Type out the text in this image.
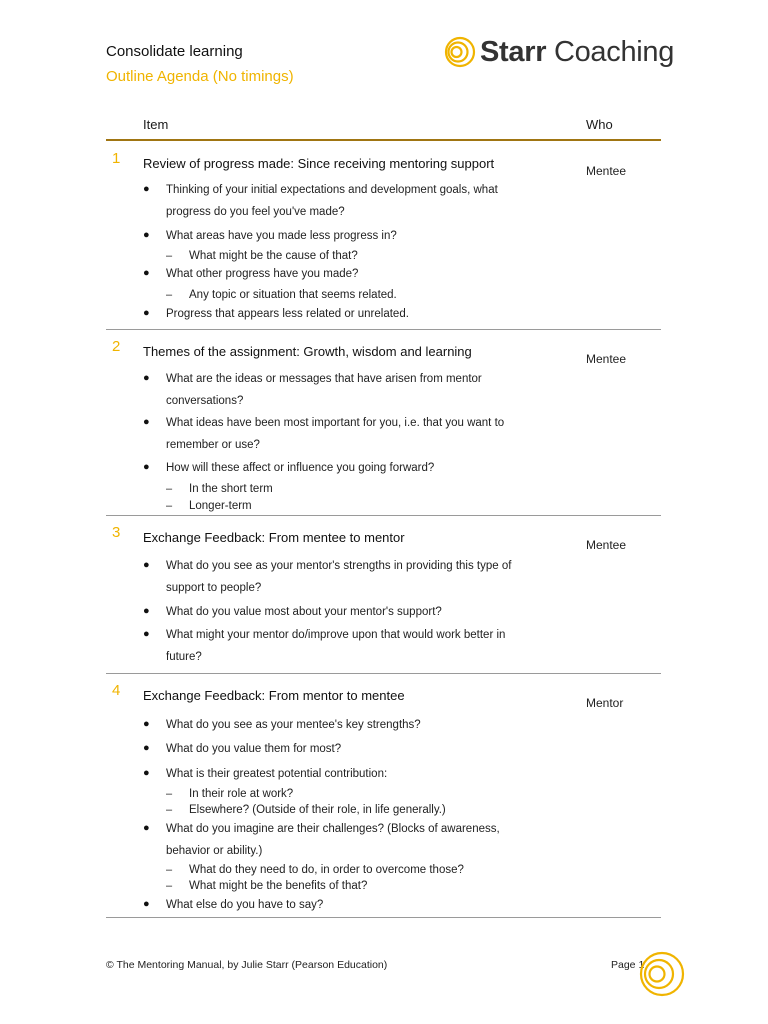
Consolidate learning
Outline Agenda (No timings)
Starr Coaching
Item	Who
1 Review of progress made: Since receiving mentoring support	Mentee
● Thinking of your initial expectations and development goals, what
progress do you feel you've made?
● What areas have you made less progress in?
– What might be the cause of that?
● What other progress have you made?
– Any topic or situation that seems related.
● Progress that appears less related or unrelated.
2 Themes of the assignment: Growth, wisdom and learning	Mentee
● What are the ideas or messages that have arisen from mentor
conversations?
● What ideas have been most important for you, i.e. that you want to
remember or use?
● How will these affect or influence you going forward?
– In the short term
– Longer-term
3 Exchange Feedback: From mentee to mentor	Mentee
● What do you see as your mentor's strengths in providing this type of
support to people?
● What do you value most about your mentor's support?
● What might your mentor do/improve upon that would work better in
future?
4 Exchange Feedback: From mentor to mentee	Mentor
● What do you see as your mentee's key strengths?
● What do you value them for most?
● What is their greatest potential contribution:
– In their role at work?
– Elsewhere? (Outside of their role, in life generally.)
● What do you imagine are their challenges? (Blocks of awareness,
behavior or ability.)
– What do they need to do, in order to overcome those?
– What might be the benefits of that?
● What else do you have to say?
© The Mentoring Manual, by Julie Starr (Pearson Education)	Page 1
